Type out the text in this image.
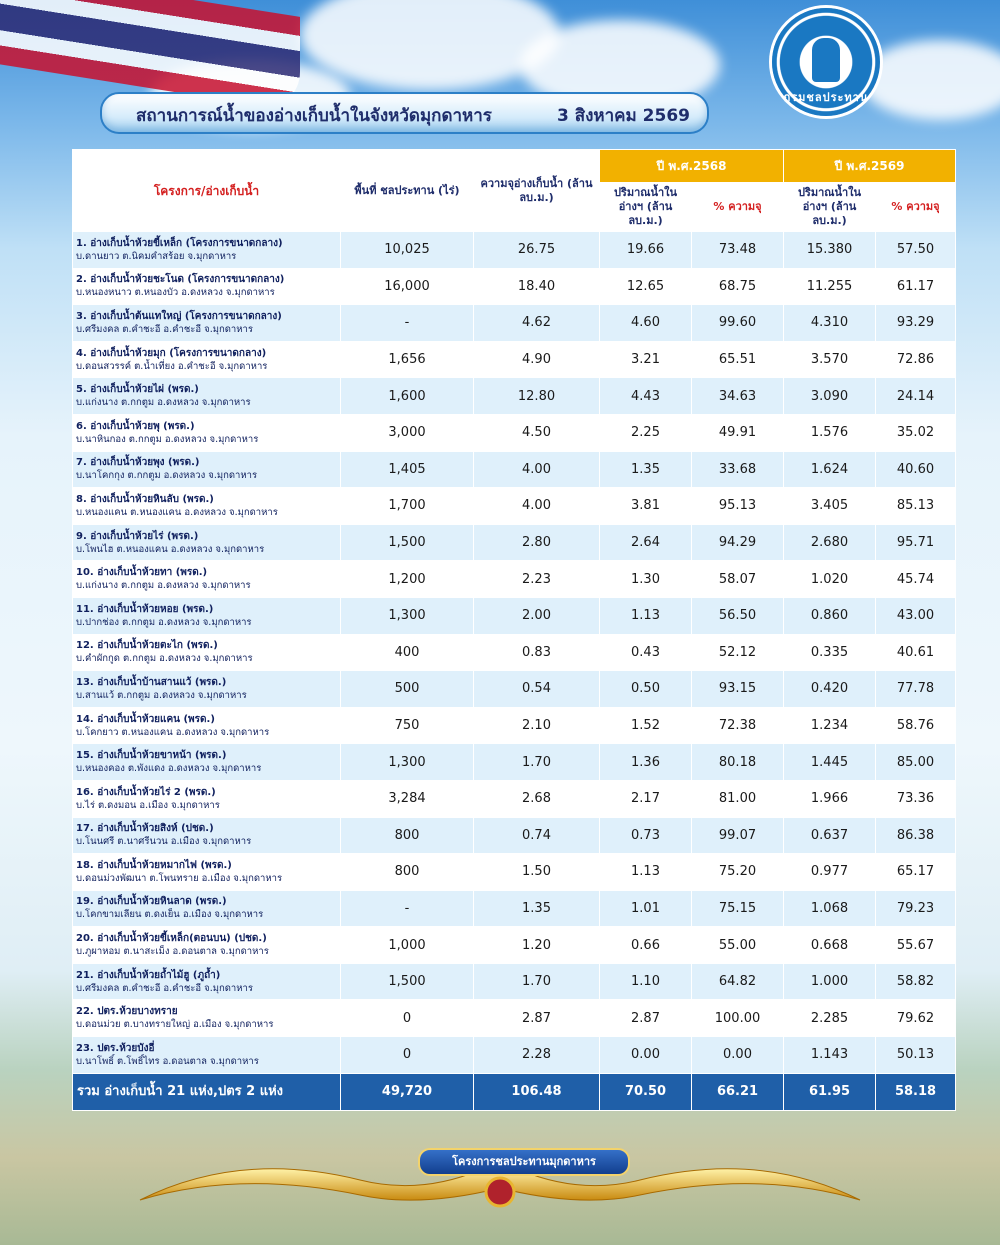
กรมชลประทาน
สถานการณ์น้ำของอ่างเก็บน้ำในจังหวัดมุกดาหาร	3 สิงหาคม 2569
โครงการ/อ่างเก็บน้ำ	พื้นที่ ชลประทาน (ไร่)	ความจุอ่างเก็บน้ำ (ล้าน ลบ.ม.)	ปี พ.ศ.2568		ปี พ.ศ.2569	
			ปริมาณน้ำใน อ่างฯ (ล้าน ลบ.ม.)	% ความจุ	ปริมาณน้ำใน อ่างฯ (ล้าน ลบ.ม.)	% ความจุ

1. อ่างเก็บน้ำห้วยขี้เหล็ก (โครงการขนาดกลาง)
บ.ดานยาว ต.นิคมคำสร้อย จ.มุกดาหาร	10,025	26.75	19.66	73.48	15.380	57.50

2. อ่างเก็บน้ำห้วยชะโนด (โครงการขนาดกลาง)
บ.หนองหนาว ต.หนองบัว อ.ดงหลวง จ.มุกดาหาร	16,000	18.40	12.65	68.75	11.255	61.17

3. อ่างเก็บน้ำต้นแทใหญ่ (โครงการขนาดกลาง)
บ.ศรีมงคล ต.คำชะอี อ.คำชะอี จ.มุกดาหาร	-	4.62	4.60	99.60	4.310	93.29

4. อ่างเก็บน้ำห้วยมุก (โครงการขนาดกลาง)
บ.ดอนสวรรค์ ต.น้ำเที่ยง อ.คำชะอี จ.มุกดาหาร	1,656	4.90	3.21	65.51	3.570	72.86

5. อ่างเก็บน้ำห้วยไผ่ (พรด.)
บ.แก่งนาง ต.กกตูม อ.ดงหลวง จ.มุกดาหาร	1,600	12.80	4.43	34.63	3.090	24.14

6. อ่างเก็บน้ำห้วยพุ (พรด.)
บ.นาหินกอง ต.กกตูม อ.ดงหลวง จ.มุกดาหาร	3,000	4.50	2.25	49.91	1.576	35.02

7. อ่างเก็บน้ำห้วยพุง (พรด.)
บ.นาโคกกุง ต.กกตูม อ.ดงหลวง จ.มุกดาหาร	1,405	4.00	1.35	33.68	1.624	40.60

8. อ่างเก็บน้ำห้วยหินลับ (พรด.)
บ.หนองแคน ต.หนองแคน อ.ดงหลวง จ.มุกดาหาร	1,700	4.00	3.81	95.13	3.405	85.13

9. อ่างเก็บน้ำห้วยไร่ (พรด.)
บ.โพนไฮ ต.หนองแคน อ.ดงหลวง จ.มุกดาหาร	1,500	2.80	2.64	94.29	2.680	95.71

10. อ่างเก็บน้ำห้วยทา (พรด.)
บ.แก่งนาง ต.กกตูม อ.ดงหลวง จ.มุกดาหาร	1,200	2.23	1.30	58.07	1.020	45.74

11. อ่างเก็บน้ำห้วยหอย (พรด.)
บ.ปากช่อง ต.กกตูม อ.ดงหลวง จ.มุกดาหาร	1,300	2.00	1.13	56.50	0.860	43.00

12. อ่างเก็บน้ำห้วยตะไก (พรด.)
บ.คำผักกูด ต.กกตูม อ.ดงหลวง จ.มุกดาหาร	400	0.83	0.43	52.12	0.335	40.61

13. อ่างเก็บน้ำบ้านสานแว้ (พรด.)
บ.สานแว้ ต.กกตูม อ.ดงหลวง จ.มุกดาหาร	500	0.54	0.50	93.15	0.420	77.78

14. อ่างเก็บน้ำห้วยแคน (พรด.)
บ.โคกยาว ต.หนองแคน อ.ดงหลวง จ.มุกดาหาร	750	2.10	1.52	72.38	1.234	58.76

15. อ่างเก็บน้ำห้วยขาหน้า (พรด.)
บ.หนองคอง ต.พังแดง อ.ดงหลวง จ.มุกดาหาร	1,300	1.70	1.36	80.18	1.445	85.00

16. อ่างเก็บน้ำห้วยไร่ 2 (พรด.)
บ.ไร่ ต.ดงมอน อ.เมือง จ.มุกดาหาร	3,284	2.68	2.17	81.00	1.966	73.36

17. อ่างเก็บน้ำห้วยสิงห์ (ปชด.)
บ.โนนศรี ต.นาศรีนวน อ.เมือง จ.มุกดาหาร	800	0.74	0.73	99.07	0.637	86.38

18. อ่างเก็บน้ำห้วยหมากไฟ (พรด.)
บ.ดอนม่วงพัฒนา ต.โพนทราย อ.เมือง จ.มุกดาหาร	800	1.50	1.13	75.20	0.977	65.17

19. อ่างเก็บน้ำห้วยหินลาด (พรด.)
บ.โคกขามเลียน ต.ดงเย็น อ.เมือง จ.มุกดาหาร	-	1.35	1.01	75.15	1.068	79.23

20. อ่างเก็บน้ำห้วยขี้เหล็ก(ตอนบน) (ปชด.)
บ.ภูผาหอม ต.นาสะเม็ง อ.ดอนตาล จ.มุกดาหาร	1,000	1.20	0.66	55.00	0.668	55.67

21. อ่างเก็บน้ำห้วยถ้ำไม้ฮู (ภูถ้ำ)
บ.ศรีมงคล ต.คำชะอี อ.คำชะอี จ.มุกดาหาร	1,500	1.70	1.10	64.82	1.000	58.82

22. ปตร.ห้วยบางทราย
บ.ดอนม่วย ต.บางทรายใหญ่ อ.เมือง จ.มุกดาหาร	0	2.87	2.87	100.00	2.285	79.62

23. ปตร.ห้วยบังอี่
บ.นาโพธิ์ ต.โพธิ์ไทร อ.ดอนตาล จ.มุกดาหาร	0	2.28	0.00	0.00	1.143	50.13
รวม อ่างเก็บน้ำ 21 แห่ง,ปตร 2 แห่ง	49,720	106.48	70.50	66.21	61.95	58.18
โครงการชลประทานมุกดาหาร
